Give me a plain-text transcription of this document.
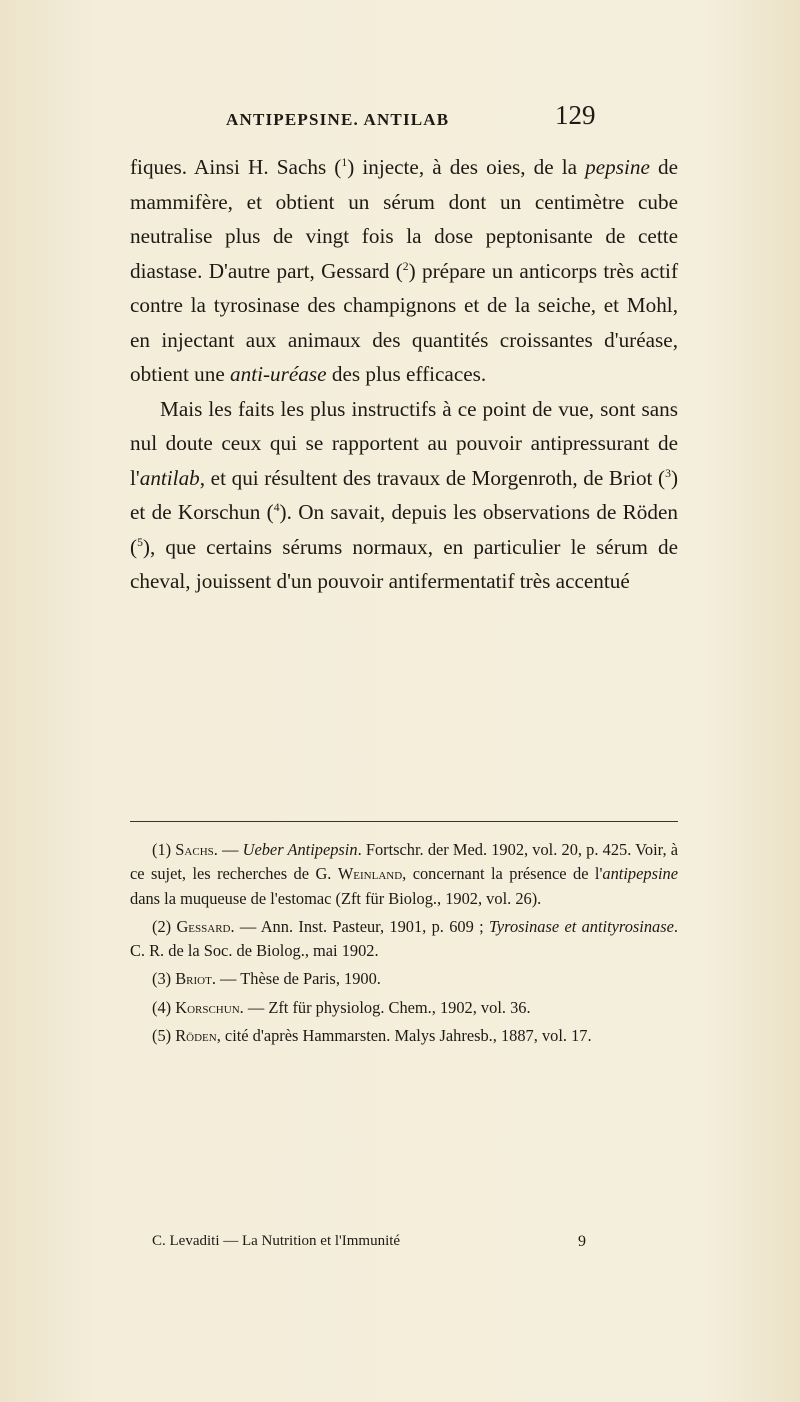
ANTIPEPSINE. ANTILAB	129

fiques. Ainsi H. Sachs ($^1$) injecte, à des oies, de la pepsine de mammifère, et obtient un sérum dont un centimètre cube neutralise plus de vingt fois la dose peptonisante de cette diastase. D'autre part, Gessard ($^2$) prépare un anticorps très actif contre la tyrosinase des champignons et de la seiche, et Mohl, en injectant aux animaux des quantités croissantes d'uréase, obtient une anti-uréase des plus efficaces.

Mais les faits les plus instructifs à ce point de vue, sont sans nul doute ceux qui se rapportent au pouvoir antipressurant de l'antilab, et qui résultent des travaux de Morgenroth, de Briot ($^3$) et de Korschun ($^4$). On savait, depuis les observations de Röden ($^5$), que certains sérums normaux, en particulier le sérum de cheval, jouissent d'un pouvoir antifermentatif très accentué

(1) Sachs. — Ueber Antipepsin. Fortschr. der Med. 1902, vol. 20, p. 425. Voir, à ce sujet, les recherches de G. Weinland, concernant la présence de l'antipepsine dans la muqueuse de l'estomac (Zft für Biolog., 1902, vol. 26).

(2) Gessard. — Ann. Inst. Pasteur, 1901, p. 609 ; Tyrosinase et antityrosinase. C. R. de la Soc. de Biolog., mai 1902.

(3) Briot. — Thèse de Paris, 1900.

(4) Korschun. — Zft für physiolog. Chem., 1902, vol. 36.

(5) Röden, cité d'après Hammarsten. Malys Jahresb., 1887, vol. 17.

C. Levaditi — La Nutrition et l'Immunité	9
